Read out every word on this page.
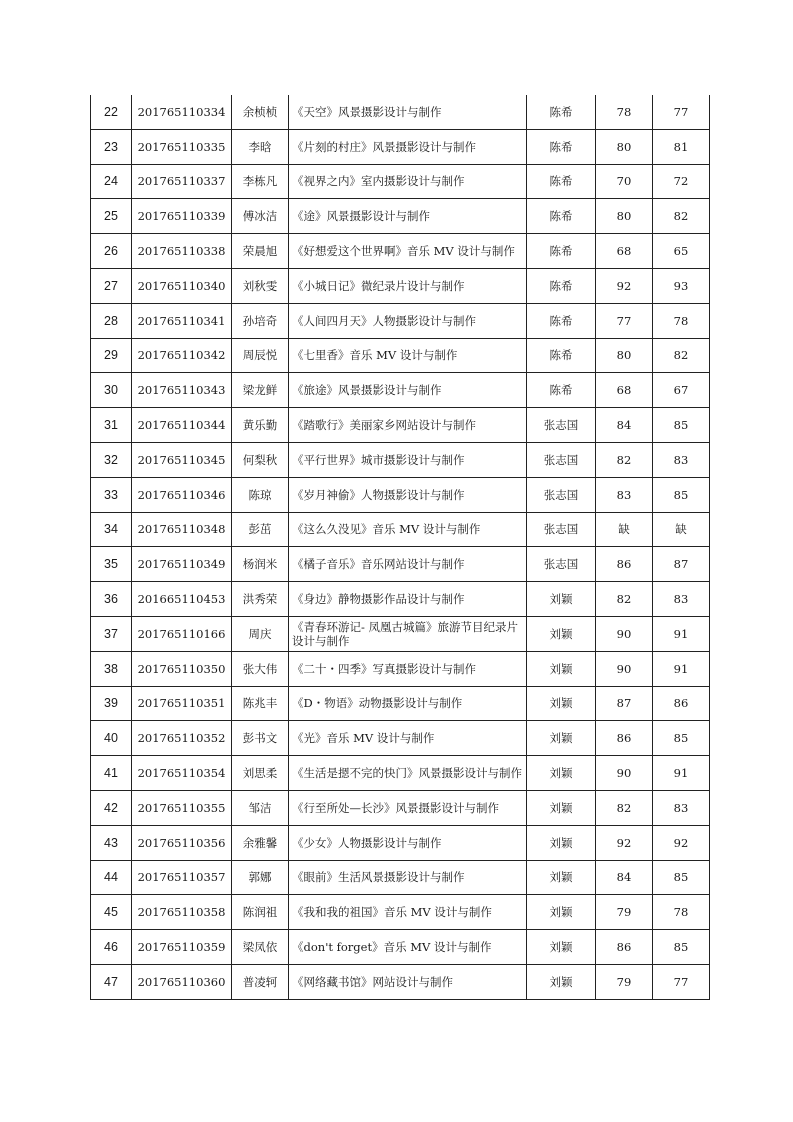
22	201765110334	余桢桢	《天空》风景摄影设计与制作	陈希	78	77
23	201765110335	李晗	《片刻的村庄》风景摄影设计与制作	陈希	80	81
24	201765110337	李栋凡	《视界之内》室内摄影设计与制作	陈希	70	72
25	201765110339	傅冰洁	《途》风景摄影设计与制作	陈希	80	82
26	201765110338	荣晨旭	《好想爱这个世界啊》音乐 MV 设计与制作	陈希	68	65
27	201765110340	刘秋雯	《小城日记》微纪录片设计与制作	陈希	92	93
28	201765110341	孙培奇	《人间四月天》人物摄影设计与制作	陈希	77	78
29	201765110342	周辰悦	《七里香》音乐 MV 设计与制作	陈希	80	82
30	201765110343	梁龙鲜	《旅途》风景摄影设计与制作	陈希	68	67
31	201765110344	黄乐勤	《踏歌行》美丽家乡网站设计与制作	张志国	84	85
32	201765110345	何梨秋	《平行世界》城市摄影设计与制作	张志国	82	83
33	201765110346	陈琼	《岁月神偷》人物摄影设计与制作	张志国	83	85
34	201765110348	彭茁	《这么久没见》音乐 MV 设计与制作	张志国	缺	缺
35	201765110349	杨润米	《橘子音乐》音乐网站设计与制作	张志国	86	87
36	201665110453	洪秀荣	《身边》静物摄影作品设计与制作	刘颖	82	83
37	201765110166	周庆	《青春环游记- 凤凰古城篇》旅游节目纪录片设计与制作	刘颖	90	91
38	201765110350	张大伟	《二十・四季》写真摄影设计与制作	刘颖	90	91
39	201765110351	陈兆丰	《D・物语》动物摄影设计与制作	刘颖	87	86
40	201765110352	彭书文	《光》音乐 MV 设计与制作	刘颖	86	85
41	201765110354	刘思柔	《生活是摁不完的快门》风景摄影设计与制作	刘颖	90	91
42	201765110355	邹洁	《行至所处—长沙》风景摄影设计与制作	刘颖	82	83
43	201765110356	余雅馨	《少女》人物摄影设计与制作	刘颖	92	92
44	201765110357	郭娜	《眼前》生活风景摄影设计与制作	刘颖	84	85
45	201765110358	陈润祖	《我和我的祖国》音乐 MV 设计与制作	刘颖	79	78
46	201765110359	梁凤依	《don't forget》音乐 MV 设计与制作	刘颖	86	85
47	201765110360	普凌轲	《网络藏书馆》网站设计与制作	刘颖	79	77
